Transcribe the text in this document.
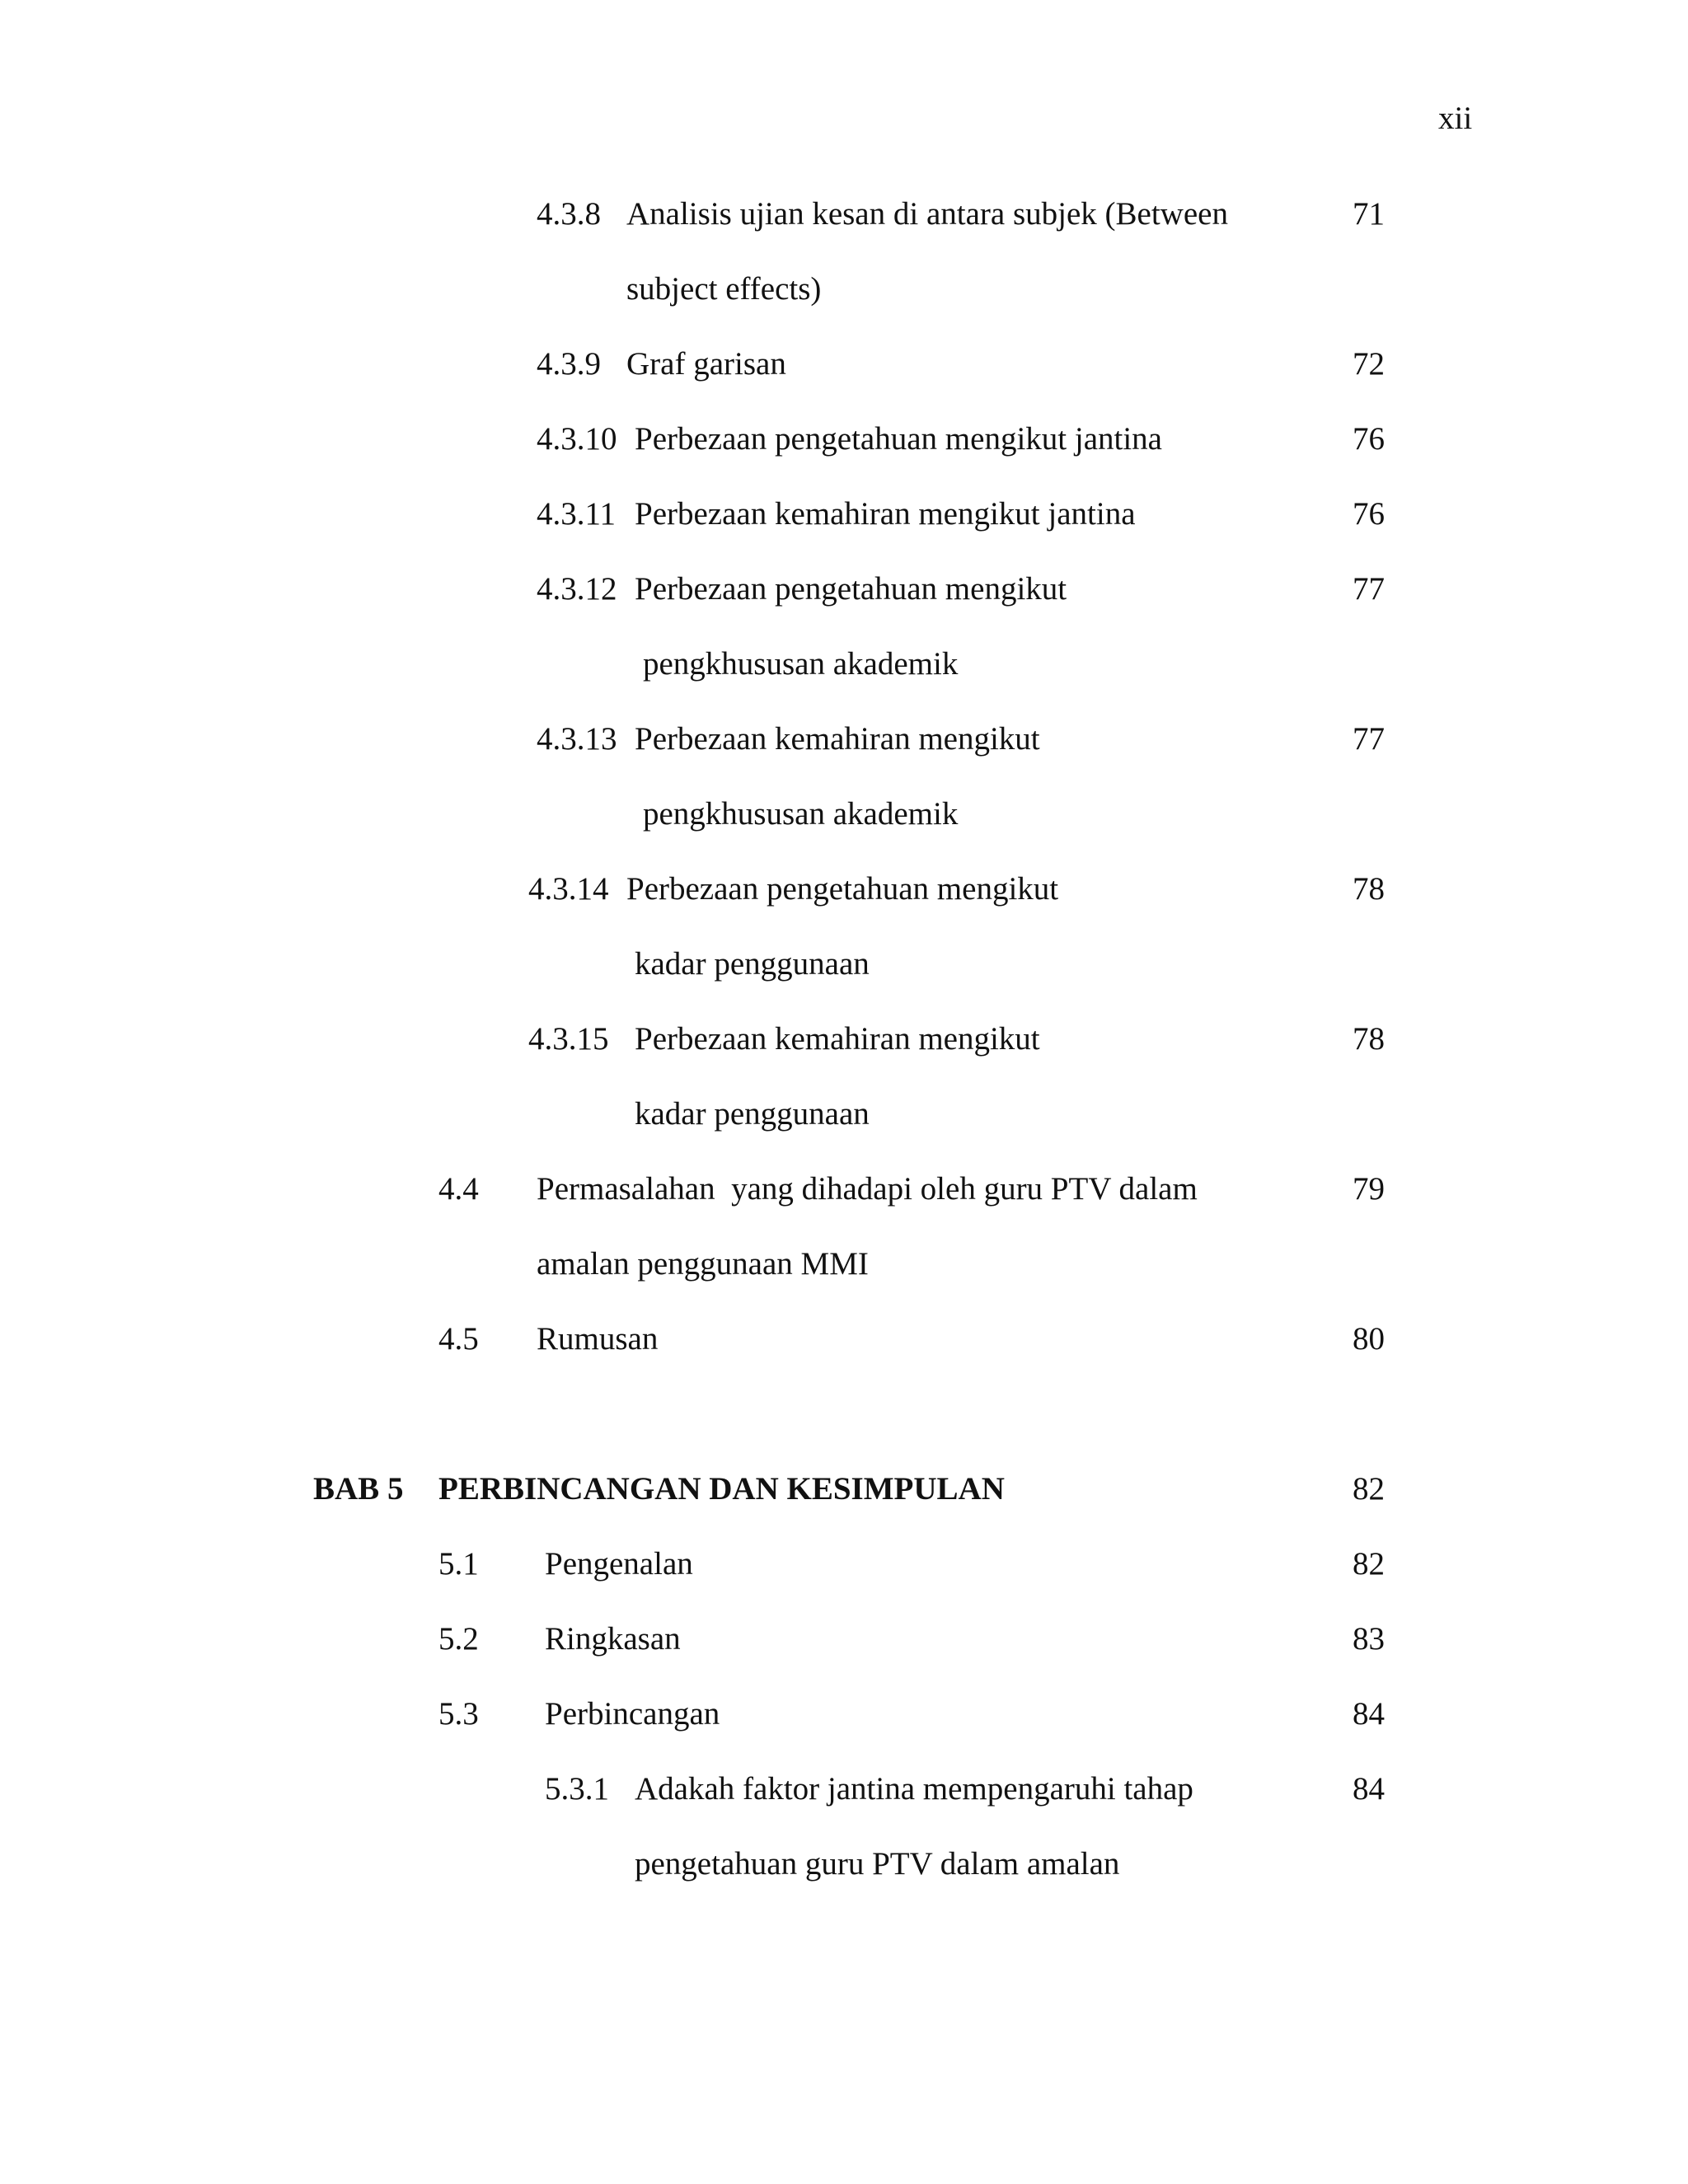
xii
4.3.8 Analisis ujian kesan di antara subjek (Between	71
subject effects)
4.3.9 Graf garisan	72
4.3.10 Perbezaan pengetahuan mengikut jantina	76
4.3.11 Perbezaan kemahiran mengikut jantina	76
4.3.12 Perbezaan pengetahuan mengikut	77
pengkhususan akademik
4.3.13 Perbezaan kemahiran mengikut	77
pengkhususan akademik
4.3.14 Perbezaan pengetahuan mengikut	78
kadar penggunaan
4.3.15 Perbezaan kemahiran mengikut	78
kadar penggunaan
4.4 Permasalahan  yang dihadapi oleh guru PTV dalam	79
amalan penggunaan MMI
4.5 Rumusan	80
BAB 5 PERBINCANGAN DAN KESIMPULAN	82
5.1 Pengenalan	82
5.2 Ringkasan	83
5.3 Perbincangan	84
5.3.1 Adakah faktor jantina mempengaruhi tahap	84
pengetahuan guru PTV dalam amalan
